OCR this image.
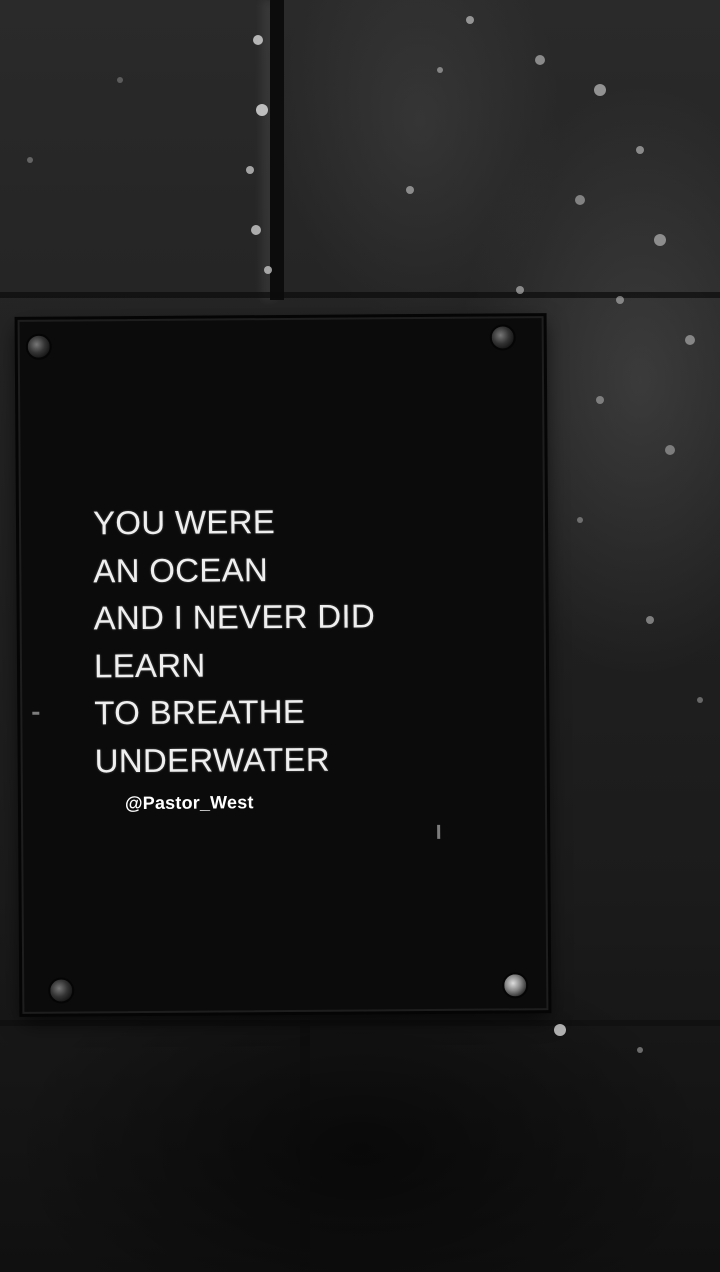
YOU WERE
AN OCEAN
AND I NEVER DID
LEARN
TO BREATHE
UNDERWATER
@Pastor_West
